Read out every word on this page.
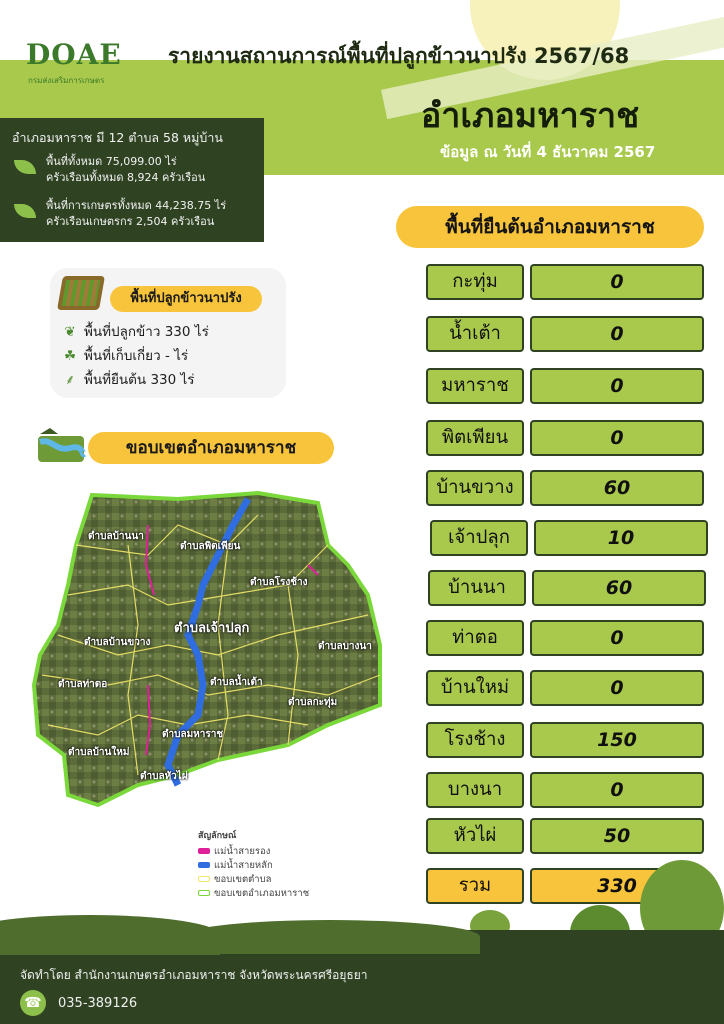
DOAE
กรมส่งเสริมการเกษตร
รายงานสถานการณ์พื้นที่ปลูกข้าวนาปรัง 2567/68
อำเภอมหาราช
ข้อมูล ณ วันที่ 4 ธันวาคม 2567
อำเภอมหาราช มี 12 ตำบล 58 หมู่บ้าน
พื้นที่ทั้งหมด 75,099.00 ไร่
ครัวเรือนทั้งหมด 8,924 ครัวเรือน
พื้นที่การเกษตรทั้งหมด 44,238.75 ไร่
ครัวเรือนเกษตรกร 2,504 ครัวเรือน
พื้นที่ปลูกข้าวนาปรัง
❦ พื้นที่ปลูกข้าว 330 ไร่
☘ พื้นที่เก็บเกี่ยว - ไร่
⸙ พื้นที่ยืนต้น 330 ไร่
ขอบเขตอำเภอมหาราช
ตำบลบ้านนา
ตำบลพิตเพียน
ตำบลโรงช้าง
ตำบลเจ้าปลุก
ตำบลบ้านขวาง	ตำบลบางนา
ตำบลท่าตอ	ตำบลน้ำเต้า
ตำบลกะทุ่ม
ตำบลมหาราช
ตำบลบ้านใหม่
ตำบลหัวไผ่
สัญลักษณ์
แม่น้ำสายรอง
แม่น้ำสายหลัก
ขอบเขตตำบล
ขอบเขตอำเภอมหาราช
พื้นที่ยืนต้นอำเภอมหาราช
กะทุ่ม	0
น้ำเต้า	0
มหาราช	0
พิตเพียน	0
บ้านขวาง	60
เจ้าปลุก	10
บ้านนา	60
ท่าตอ	0
บ้านใหม่	0
โรงช้าง	150
บางนา	0
หัวไผ่	50
รวม	330
จัดทำโดย สำนักงานเกษตรอำเภอมหาราช จังหวัดพระนครศรีอยุธยา
☎	035-389126
